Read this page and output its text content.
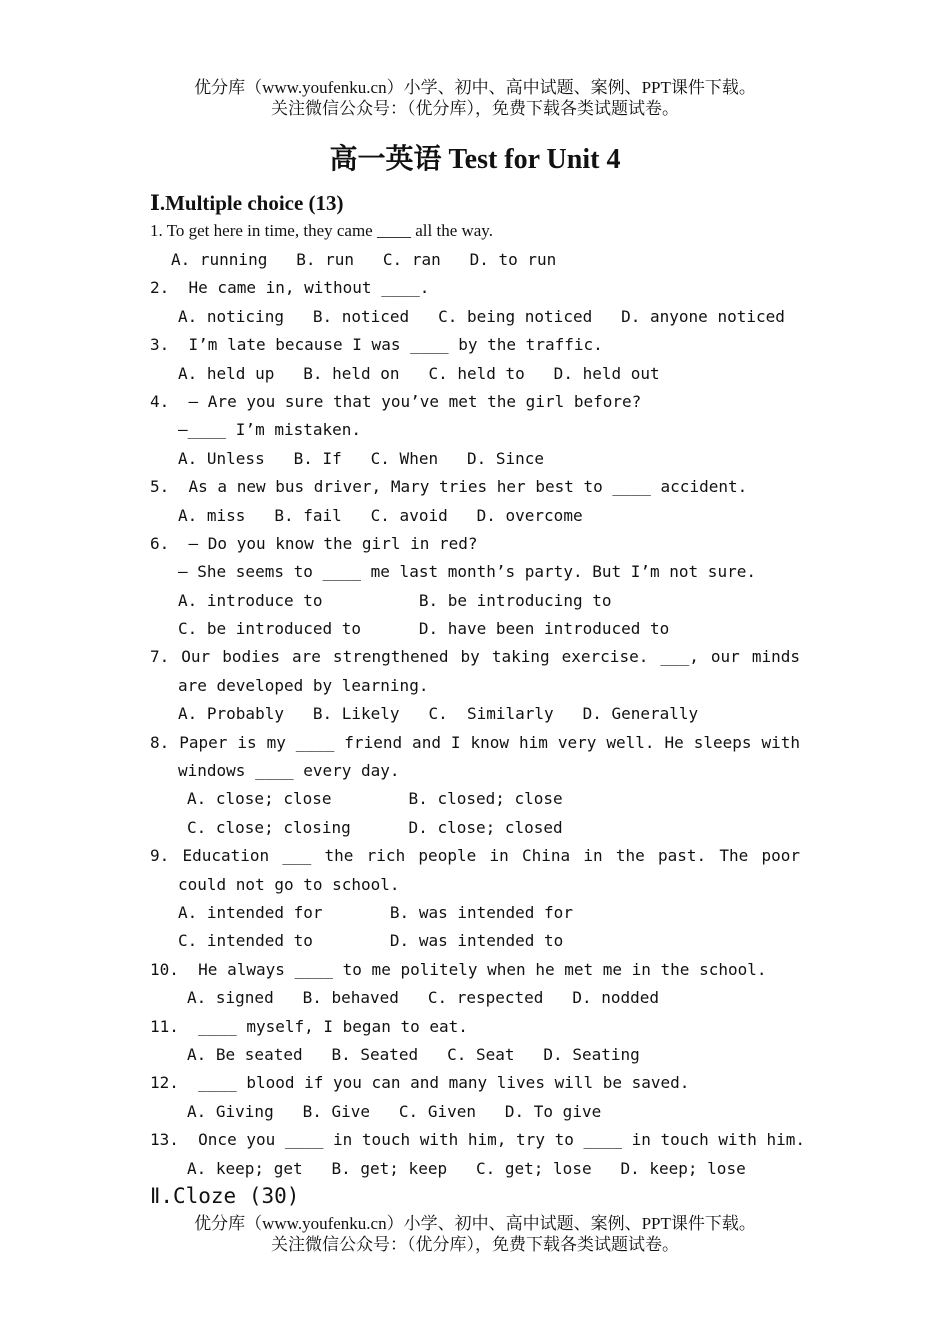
优分库（www.youfenku.cn）小学、初中、高中试题、案例、PPT课件下载。
关注微信公众号：（优分库），免费下载各类试题试卷。
高一英语 Test for Unit 4
Ⅰ.Multiple choice (13)
1. To get here in time, they came ____ all the way.
A. running   B. run   C. ran   D. to run
2.  He came in, without ____.
A. noticing   B. noticed   C. being noticed   D. anyone noticed
3.  I’m late because I was ____ by the traffic.
A. held up   B. held on   C. held to   D. held out
4.  — Are you sure that you’ve met the girl before?
—____ I’m mistaken.
A. Unless   B. If   C. When   D. Since
5.  As a new bus driver, Mary tries her best to ____ accident.
A. miss   B. fail   C. avoid   D. overcome
6.  — Do you know the girl in red?
— She seems to ____ me last month’s party. But I’m not sure.
A. introduce to          B. be introducing to
C. be introduced to      D. have been introduced to
7. Our bodies are strengthened by taking exercise. ___, our minds
are developed by learning.
A. Probably   B. Likely   C.  Similarly   D. Generally
8. Paper is my ____ friend and I know him very well. He sleeps with
windows ____ every day.
A. close; close        B. closed; close
C. close; closing      D. close; closed
9. Education ___ the rich people in China in the past. The poor
could not go to school.
A. intended for       B. was intended for
C. intended to        D. was intended to
10.  He always ____ to me politely when he met me in the school.
A. signed   B. behaved   C. respected   D. nodded
11.  ____ myself, I began to eat.
A. Be seated   B. Seated   C. Seat   D. Seating
12.  ____ blood if you can and many lives will be saved.
A. Giving   B. Give   C. Given   D. To give
13.  Once you ____ in touch with him, try to ____ in touch with him.
A. keep; get   B. get; keep   C. get; lose   D. keep; lose
Ⅱ.Cloze (30)
优分库（www.youfenku.cn）小学、初中、高中试题、案例、PPT课件下载。
关注微信公众号：（优分库），免费下载各类试题试卷。
